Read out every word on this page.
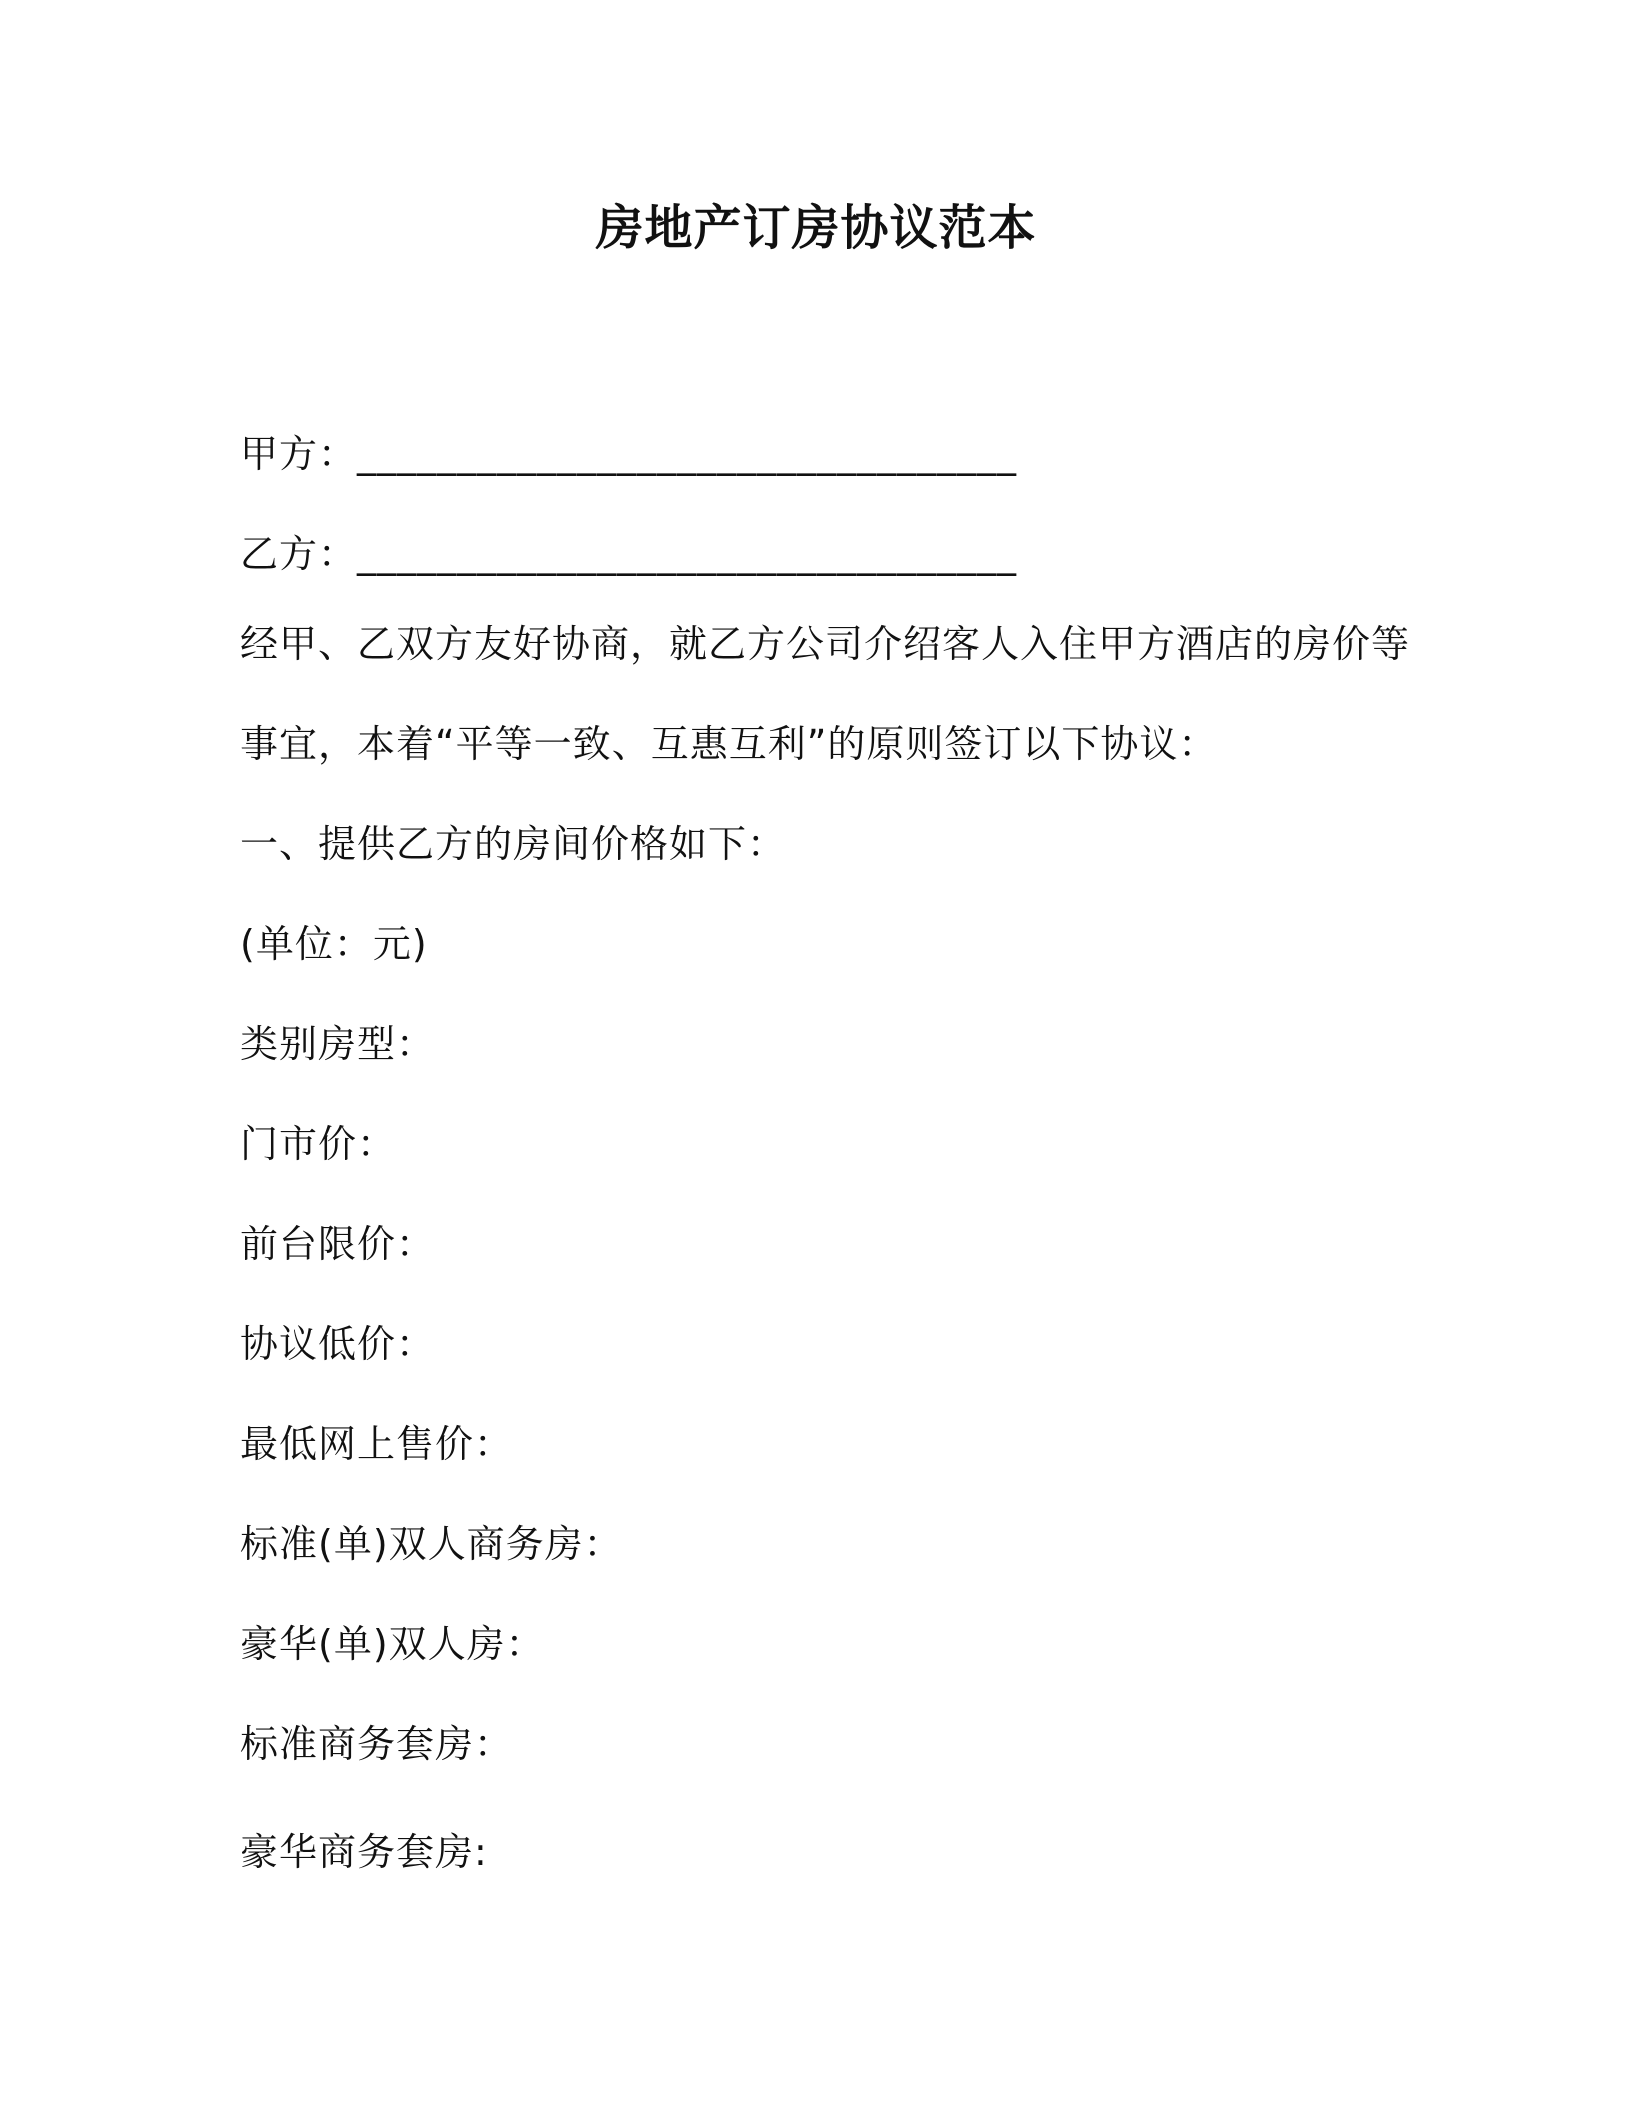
房地产订房协议范本
甲方：_________________________________
乙方：_________________________________
经甲、乙双方友好协商，就乙方公司介绍客人入住甲方酒店的房价等
事宜，本着“平等一致、互惠互利”的原则签订以下协议：
一、提供乙方的房间价格如下：
(单位：元)
类别房型：
门市价：
前台限价：
协议低价：
最低网上售价：
标准(单)双人商务房：
豪华(单)双人房：
标准商务套房：
豪华商务套房:
